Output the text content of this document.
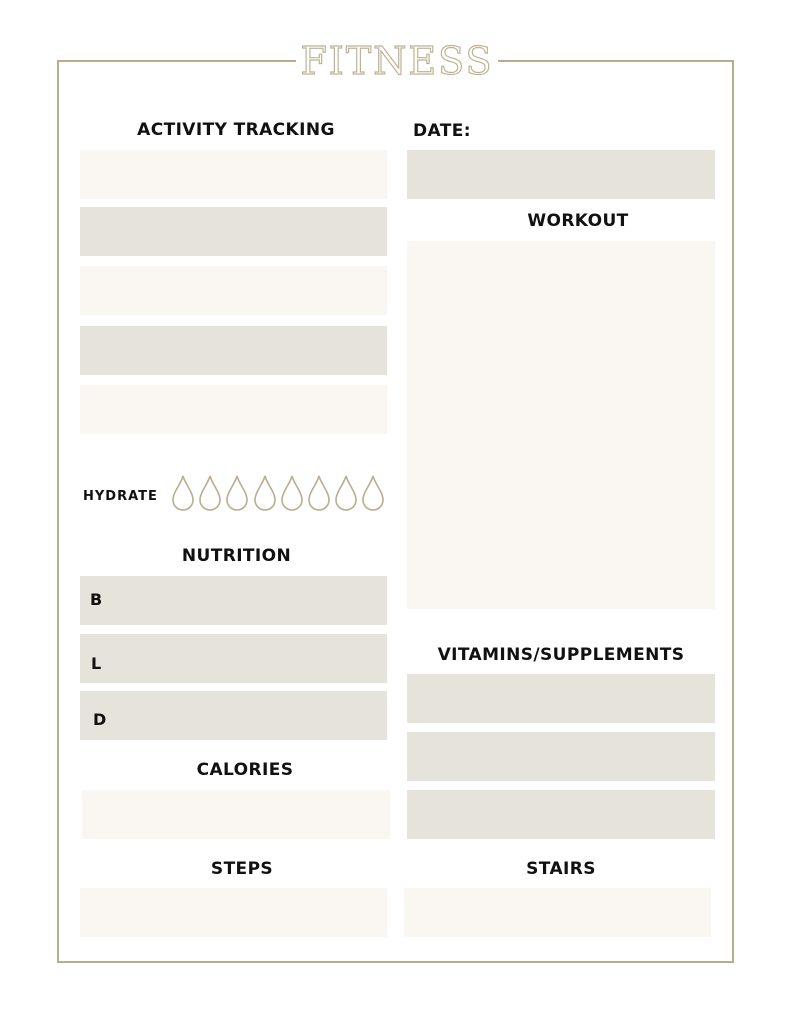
FITNESS
ACTIVITY TRACKING	DATE:
WORKOUT
HYDRATE
NUTRITION
B
L
D
VITAMINS/SUPPLEMENTS
CALORIES
STEPS	STAIRS
